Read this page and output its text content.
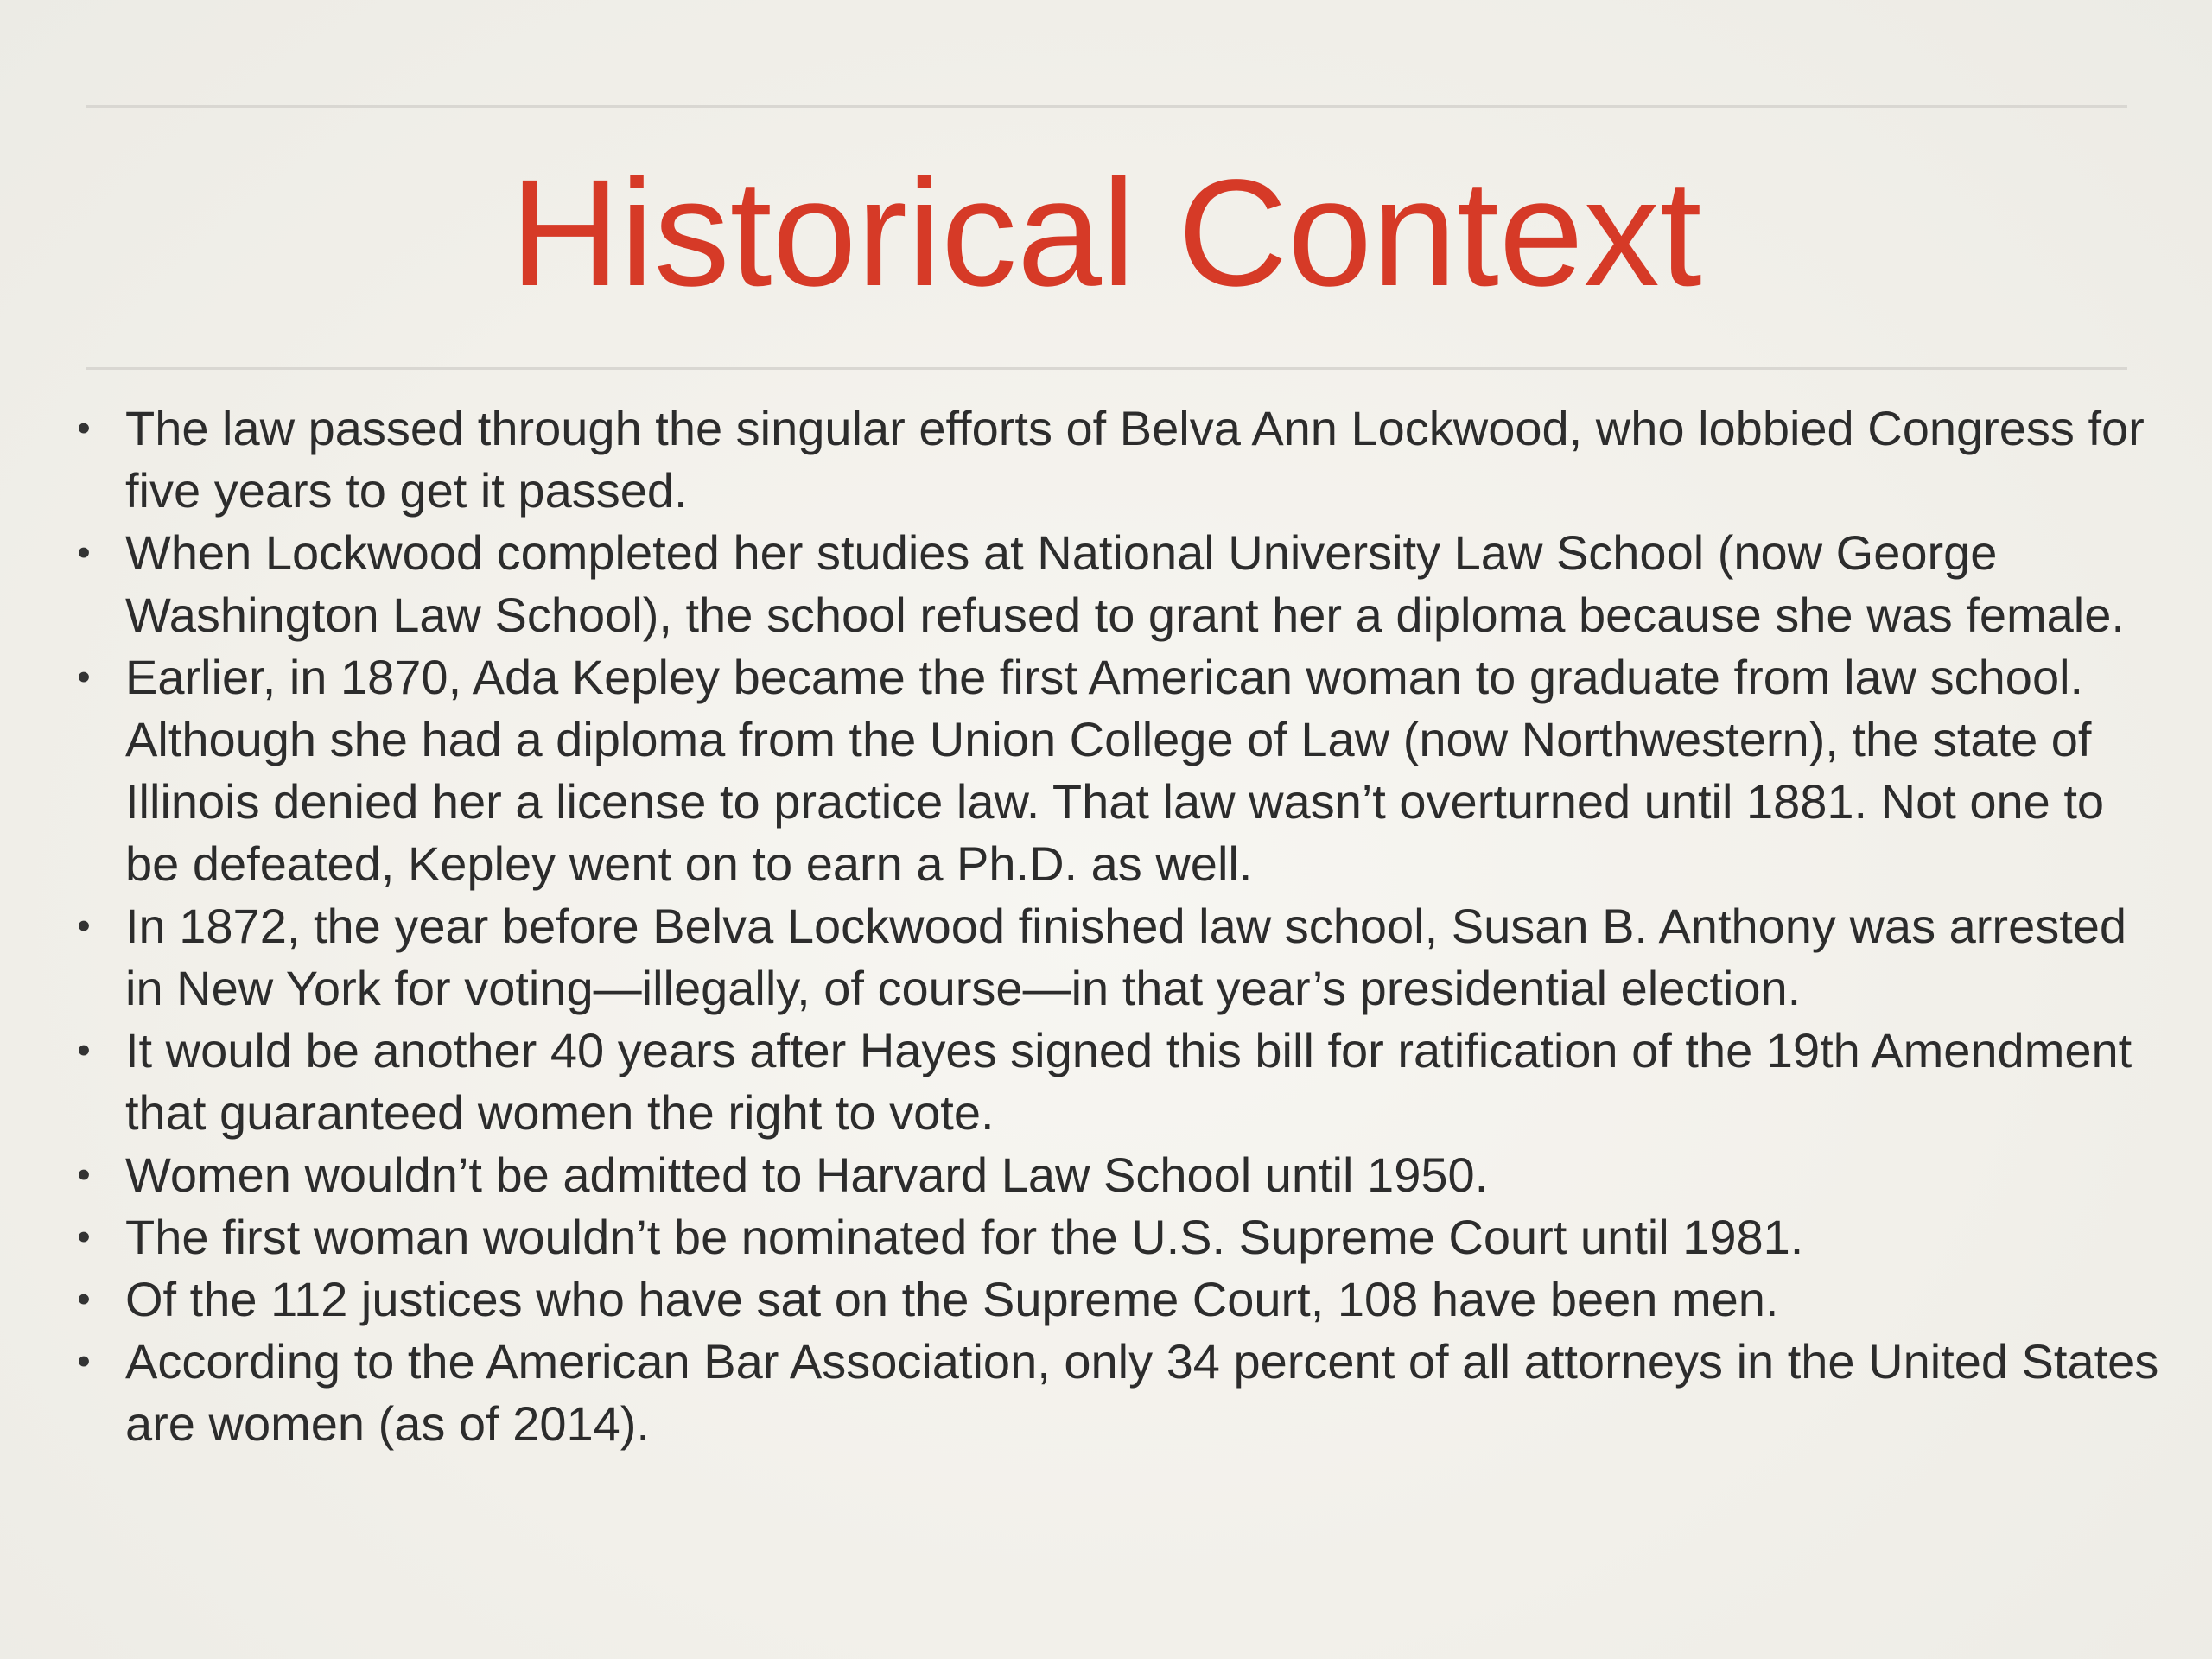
Historical Context
• The law passed through the singular efforts of Belva Ann Lockwood, who lobbied Congress for five years to get it passed.
• When Lockwood completed her studies at National University Law School (now George Washington Law School), the school refused to grant her a diploma because she was female.
• Earlier, in 1870, Ada Kepley became the first American woman to graduate from law school. Although she had a diploma from the Union College of Law (now Northwestern), the state of Illinois denied her a license to practice law. That law wasn’t overturned until 1881. Not one to be defeated, Kepley went on to earn a Ph.D. as well.
• In 1872, the year before Belva Lockwood finished law school, Susan B. Anthony was arrested in New York for voting—illegally, of course—in that year’s presidential election.
• It would be another 40 years after Hayes signed this bill for ratification of the 19th Amendment that guaranteed women the right to vote.
• Women wouldn’t be admitted to Harvard Law School until 1950.
• The first woman wouldn’t be nominated for the U.S. Supreme Court until 1981.
• Of the 112 justices who have sat on the Supreme Court, 108 have been men.
• According to the American Bar Association, only 34 percent of all attorneys in the United States are women (as of 2014).
